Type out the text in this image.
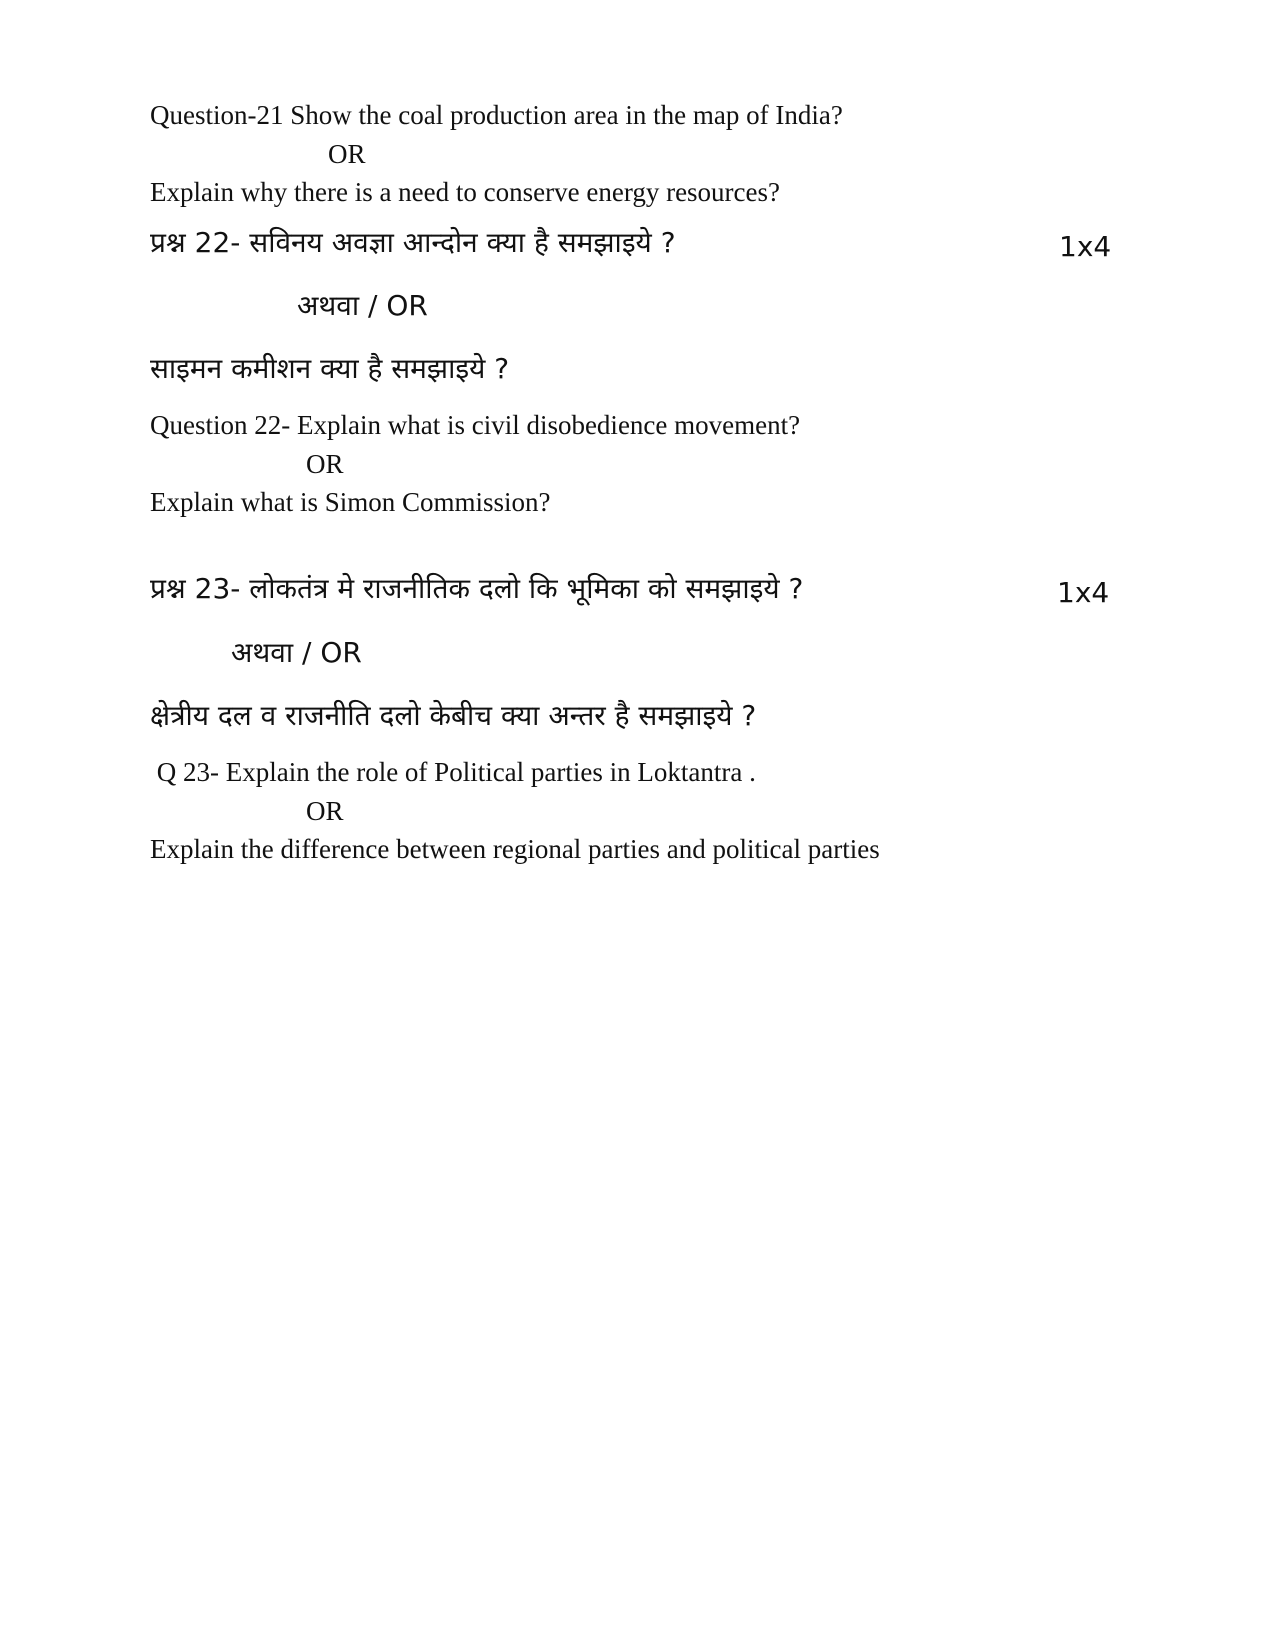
Question-21 Show the coal production area in the map of India?
OR
Explain why there is a need to conserve energy resources?
प्रश्न 22- सविनय अवज्ञा आन्दोन क्या है समझाइये ?	1x4
अथवा / OR
साइमन कमीशन क्या है समझाइये ?
Question 22- Explain what is civil disobedience movement?
OR
Explain what is Simon Commission?
प्रश्न 23- लोकतंत्र मे राजनीतिक दलो कि भूमिका को समझाइये ?	1x4
अथवा / OR
क्षेत्रीय दल व राजनीति दलो केबीच क्या अन्तर है समझाइये ?
Q 23- Explain the role of Political parties in Loktantra .
OR
Explain the difference between regional parties and political parties
